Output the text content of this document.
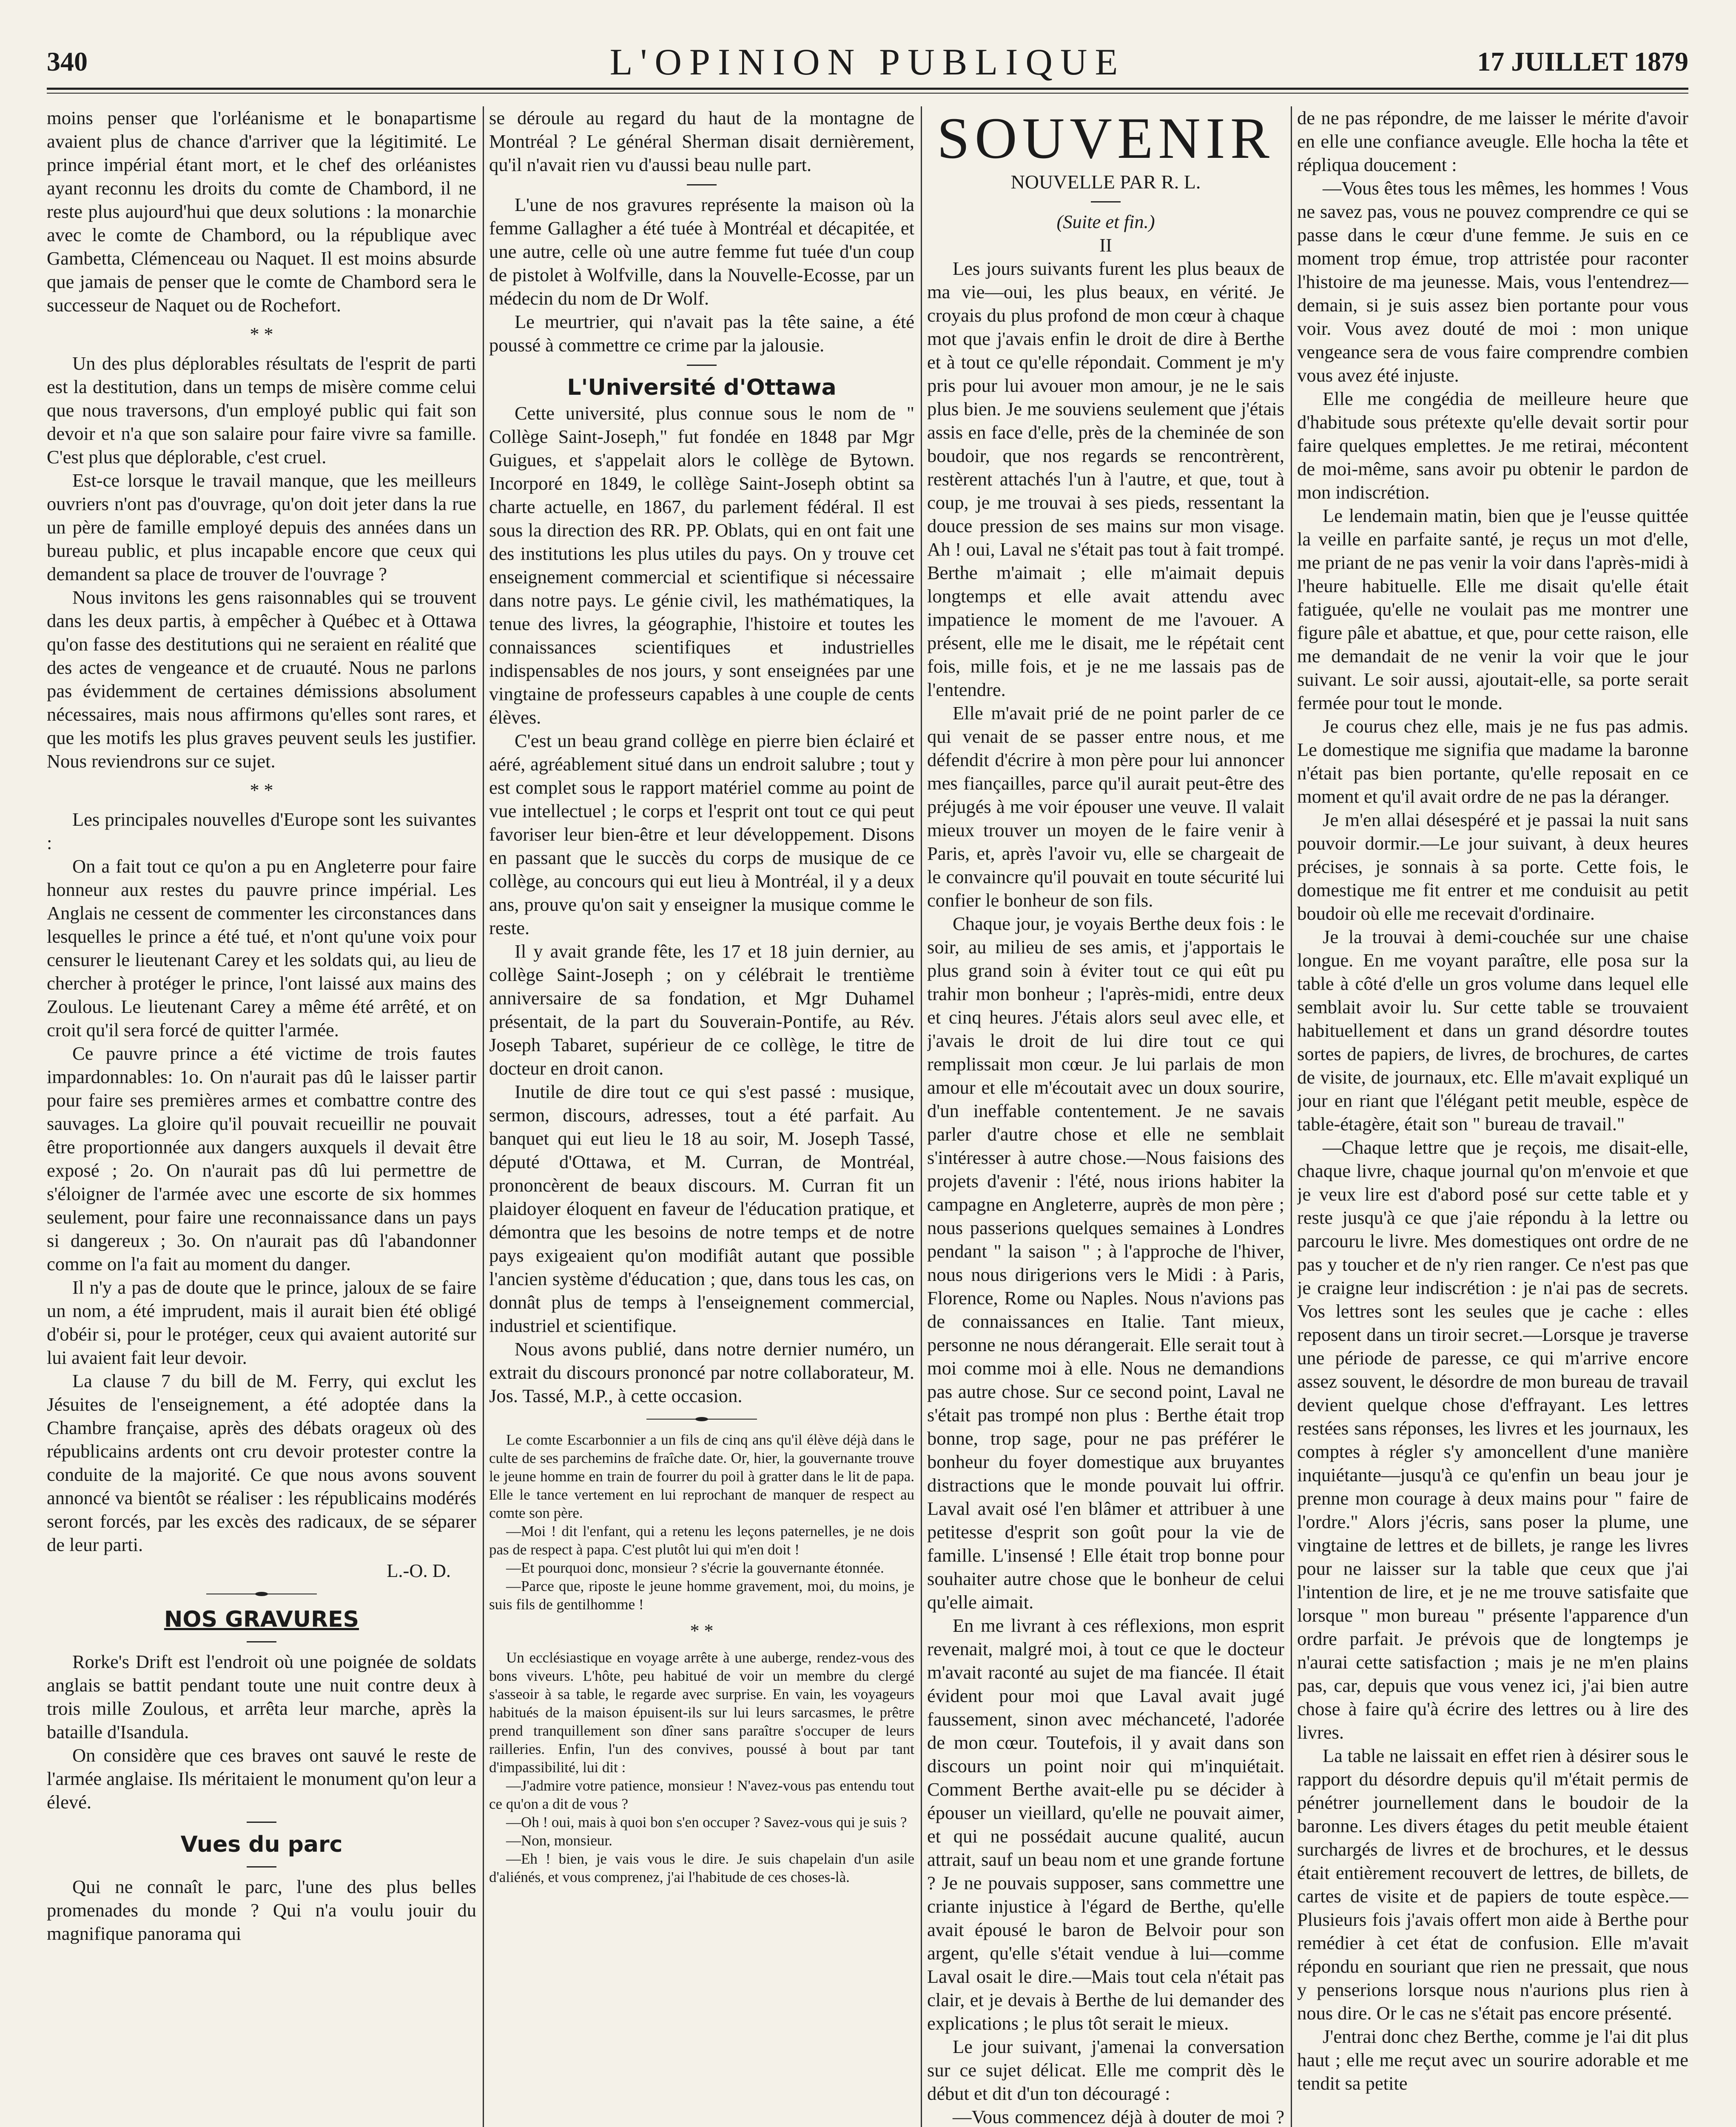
340	L'OPINION PUBLIQUE	17 JUILLET 1879

moins penser que l'orléanisme et le bonapartisme avaient plus de chance d'arriver que la légitimité. Le prince impérial étant mort, et le chef des orléanistes ayant reconnu les droits du comte de Chambord, il ne reste plus aujourd'hui que deux solutions : la monarchie avec le comte de Chambord, ou la république avec Gambetta, Clémenceau ou Naquet. Il est moins absurde que jamais de penser que le comte de Chambord sera le successeur de Naquet ou de Rochefort.

* *

Un des plus déplorables résultats de l'esprit de parti est la destitution, dans un temps de misère comme celui que nous traversons, d'un employé public qui fait son devoir et n'a que son salaire pour faire vivre sa famille. C'est plus que déplorable, c'est cruel.

Est-ce lorsque le travail manque, que les meilleurs ouvriers n'ont pas d'ouvrage, qu'on doit jeter dans la rue un père de famille employé depuis des années dans un bureau public, et plus incapable encore que ceux qui demandent sa place de trouver de l'ouvrage ?

Nous invitons les gens raisonnables qui se trouvent dans les deux partis, à empêcher à Québec et à Ottawa qu'on fasse des destitutions qui ne seraient en réalité que des actes de vengeance et de cruauté. Nous ne parlons pas évidemment de certaines démissions absolument nécessaires, mais nous affirmons qu'elles sont rares, et que les motifs les plus graves peuvent seuls les justifier. Nous reviendrons sur ce sujet.

* *

Les principales nouvelles d'Europe sont les suivantes :

On a fait tout ce qu'on a pu en Angleterre pour faire honneur aux restes du pauvre prince impérial. Les Anglais ne cessent de commenter les circonstances dans lesquelles le prince a été tué, et n'ont qu'une voix pour censurer le lieutenant Carey et les soldats qui, au lieu de chercher à protéger le prince, l'ont laissé aux mains des Zoulous. Le lieutenant Carey a même été arrêté, et on croit qu'il sera forcé de quitter l'armée.

Ce pauvre prince a été victime de trois fautes impardonnables: 1o. On n'aurait pas dû le laisser partir pour faire ses premières armes et combattre contre des sauvages. La gloire qu'il pouvait recueillir ne pouvait être proportionnée aux dangers auxquels il devait être exposé ; 2o. On n'aurait pas dû lui permettre de s'éloigner de l'armée avec une escorte de six hommes seulement, pour faire une reconnaissance dans un pays si dangereux ; 3o. On n'aurait pas dû l'abandonner comme on l'a fait au moment du danger.

Il n'y a pas de doute que le prince, jaloux de se faire un nom, a été imprudent, mais il aurait bien été obligé d'obéir si, pour le protéger, ceux qui avaient autorité sur lui avaient fait leur devoir.

La clause 7 du bill de M. Ferry, qui exclut les Jésuites de l'enseignement, a été adoptée dans la Chambre française, après des débats orageux où des républicains ardents ont cru devoir protester contre la conduite de la majorité. Ce que nous avons souvent annoncé va bientôt se réaliser : les républicains modérés seront forcés, par les excès des radicaux, de se séparer de leur parti.

L.-O. D.

NOS GRAVURES

Rorke's Drift est l'endroit où une poignée de soldats anglais se battit pendant toute une nuit contre deux à trois mille Zoulous, et arrêta leur marche, après la bataille d'Isandula.

On considère que ces braves ont sauvé le reste de l'armée anglaise. Ils méritaient le monument qu'on leur a élevé.

Vues du parc

Qui ne connaît le parc, l'une des plus belles promenades du monde ? Qui n'a voulu jouir du magnifique panorama qui

se déroule au regard du haut de la montagne de Montréal ? Le général Sherman disait dernièrement, qu'il n'avait rien vu d'aussi beau nulle part.

L'une de nos gravures représente la maison où la femme Gallagher a été tuée à Montréal et décapitée, et une autre, celle où une autre femme fut tuée d'un coup de pistolet à Wolfville, dans la Nouvelle-Ecosse, par un médecin du nom de Dr Wolf.

Le meurtrier, qui n'avait pas la tête saine, a été poussé à commettre ce crime par la jalousie.

L'Université d'Ottawa

Cette université, plus connue sous le nom de " Collège Saint-Joseph," fut fondée en 1848 par Mgr Guigues, et s'appelait alors le collège de Bytown. Incorporé en 1849, le collège Saint-Joseph obtint sa charte actuelle, en 1867, du parlement fédéral. Il est sous la direction des RR. PP. Oblats, qui en ont fait une des institutions les plus utiles du pays. On y trouve cet enseignement commercial et scientifique si nécessaire dans notre pays. Le génie civil, les mathématiques, la tenue des livres, la géographie, l'histoire et toutes les connaissances scientifiques et industrielles indispensables de nos jours, y sont enseignées par une vingtaine de professeurs capables à une couple de cents élèves.

C'est un beau grand collège en pierre bien éclairé et aéré, agréablement situé dans un endroit salubre ; tout y est complet sous le rapport matériel comme au point de vue intellectuel ; le corps et l'esprit ont tout ce qui peut favoriser leur bien-être et leur développement. Disons en passant que le succès du corps de musique de ce collège, au concours qui eut lieu à Montréal, il y a deux ans, prouve qu'on sait y enseigner la musique comme le reste.

Il y avait grande fête, les 17 et 18 juin dernier, au collège Saint-Joseph ; on y célébrait le trentième anniversaire de sa fondation, et Mgr Duhamel présentait, de la part du Souverain-Pontife, au Rév. Joseph Tabaret, supérieur de ce collège, le titre de docteur en droit canon.

Inutile de dire tout ce qui s'est passé : musique, sermon, discours, adresses, tout a été parfait. Au banquet qui eut lieu le 18 au soir, M. Joseph Tassé, député d'Ottawa, et M. Curran, de Montréal, prononcèrent de beaux discours. M. Curran fit un plaidoyer éloquent en faveur de l'éducation pratique, et démontra que les besoins de notre temps et de notre pays exigeaient qu'on modifiât autant que possible l'ancien système d'éducation ; que, dans tous les cas, on donnât plus de temps à l'enseignement commercial, industriel et scientifique.

Nous avons publié, dans notre dernier numéro, un extrait du discours prononcé par notre collaborateur, M. Jos. Tassé, M.P., à cette occasion.

Le comte Escarbonnier a un fils de cinq ans qu'il élève déjà dans le culte de ses parchemins de fraîche date. Or, hier, la gouvernante trouve le jeune homme en train de fourrer du poil à gratter dans le lit de papa. Elle le tance vertement en lui reprochant de manquer de respect au comte son père.

—Moi ! dit l'enfant, qui a retenu les leçons paternelles, je ne dois pas de respect à papa. C'est plutôt lui qui m'en doit !

—Et pourquoi donc, monsieur ? s'écrie la gouvernante étonnée.

—Parce que, riposte le jeune homme gravement, moi, du moins, je suis fils de gentilhomme !

* *

Un ecclésiastique en voyage arrête à une auberge, rendez-vous des bons viveurs. L'hôte, peu habitué de voir un membre du clergé s'asseoir à sa table, le regarde avec surprise. En vain, les voyageurs habitués de la maison épuisent-ils sur lui leurs sarcasmes, le prêtre prend tranquillement son dîner sans paraître s'occuper de leurs railleries. Enfin, l'un des convives, poussé à bout par tant d'impassibilité, lui dit :

—J'admire votre patience, monsieur ! N'avez-vous pas entendu tout ce qu'on a dit de vous ?

—Oh ! oui, mais à quoi bon s'en occuper ? Savez-vous qui je suis ?

—Non, monsieur.

—Eh ! bien, je vais vous le dire. Je suis chapelain d'un asile d'aliénés, et vous comprenez, j'ai l'habitude de ces choses-là.

SOUVENIR

NOUVELLE PAR R. L.

(Suite et fin.)

II

Les jours suivants furent les plus beaux de ma vie—oui, les plus beaux, en vérité. Je croyais du plus profond de mon cœur à chaque mot que j'avais enfin le droit de dire à Berthe et à tout ce qu'elle répondait. Comment je m'y pris pour lui avouer mon amour, je ne le sais plus bien. Je me souviens seulement que j'étais assis en face d'elle, près de la cheminée de son boudoir, que nos regards se rencontrèrent, restèrent attachés l'un à l'autre, et que, tout à coup, je me trouvai à ses pieds, ressentant la douce pression de ses mains sur mon visage. Ah ! oui, Laval ne s'était pas tout à fait trompé. Berthe m'aimait ; elle m'aimait depuis longtemps et elle avait attendu avec impatience le moment de me l'avouer. A présent, elle me le disait, me le répétait cent fois, mille fois, et je ne me lassais pas de l'entendre.

Elle m'avait prié de ne point parler de ce qui venait de se passer entre nous, et me défendit d'écrire à mon père pour lui annoncer mes fiançailles, parce qu'il aurait peut-être des préjugés à me voir épouser une veuve. Il valait mieux trouver un moyen de le faire venir à Paris, et, après l'avoir vu, elle se chargeait de le convaincre qu'il pouvait en toute sécurité lui confier le bonheur de son fils.

Chaque jour, je voyais Berthe deux fois : le soir, au milieu de ses amis, et j'apportais le plus grand soin à éviter tout ce qui eût pu trahir mon bonheur ; l'après-midi, entre deux et cinq heures. J'étais alors seul avec elle, et j'avais le droit de lui dire tout ce qui remplissait mon cœur. Je lui parlais de mon amour et elle m'écoutait avec un doux sourire, d'un ineffable contentement. Je ne savais parler d'autre chose et elle ne semblait s'intéresser à autre chose.—Nous faisions des projets d'avenir : l'été, nous irions habiter la campagne en Angleterre, auprès de mon père ; nous passerions quelques semaines à Londres pendant " la saison " ; à l'approche de l'hiver, nous nous dirigerions vers le Midi : à Paris, Florence, Rome ou Naples. Nous n'avions pas de connaissances en Italie. Tant mieux, personne ne nous dérangerait. Elle serait tout à moi comme moi à elle. Nous ne demandions pas autre chose. Sur ce second point, Laval ne s'était pas trompé non plus : Berthe était trop bonne, trop sage, pour ne pas préférer le bonheur du foyer domestique aux bruyantes distractions que le monde pouvait lui offrir. Laval avait osé l'en blâmer et attribuer à une petitesse d'esprit son goût pour la vie de famille. L'insensé ! Elle était trop bonne pour souhaiter autre chose que le bonheur de celui qu'elle aimait.

En me livrant à ces réflexions, mon esprit revenait, malgré moi, à tout ce que le docteur m'avait raconté au sujet de ma fiancée. Il était évident pour moi que Laval avait jugé faussement, sinon avec méchanceté, l'adorée de mon cœur. Toutefois, il y avait dans son discours un point noir qui m'inquiétait. Comment Berthe avait-elle pu se décider à épouser un vieillard, qu'elle ne pouvait aimer, et qui ne possédait aucune qualité, aucun attrait, sauf un beau nom et une grande fortune ? Je ne pouvais supposer, sans commettre une criante injustice à l'égard de Berthe, qu'elle avait épousé le baron de Belvoir pour son argent, qu'elle s'était vendue à lui—comme Laval osait le dire.—Mais tout cela n'était pas clair, et je devais à Berthe de lui demander des explications ; le plus tôt serait le mieux.

Le jour suivant, j'amenai la conversation sur ce sujet délicat. Elle me comprit dès le début et dit d'un ton découragé :

—Vous commencez déjà à douter de moi ?

de ne pas répondre, de me laisser le mérite d'avoir en elle une confiance aveugle. Elle hocha la tête et répliqua doucement :

—Vous êtes tous les mêmes, les hommes ! Vous ne savez pas, vous ne pouvez comprendre ce qui se passe dans le cœur d'une femme. Je suis en ce moment trop émue, trop attristée pour raconter l'histoire de ma jeunesse. Mais, vous l'entendrez—demain, si je suis assez bien portante pour vous voir. Vous avez douté de moi : mon unique vengeance sera de vous faire comprendre combien vous avez été injuste.

Elle me congédia de meilleure heure que d'habitude sous prétexte qu'elle devait sortir pour faire quelques emplettes. Je me retirai, mécontent de moi-même, sans avoir pu obtenir le pardon de mon indiscrétion.

Le lendemain matin, bien que je l'eusse quittée la veille en parfaite santé, je reçus un mot d'elle, me priant de ne pas venir la voir dans l'après-midi à l'heure habituelle. Elle me disait qu'elle était fatiguée, qu'elle ne voulait pas me montrer une figure pâle et abattue, et que, pour cette raison, elle me demandait de ne venir la voir que le jour suivant. Le soir aussi, ajoutait-elle, sa porte serait fermée pour tout le monde.

Je courus chez elle, mais je ne fus pas admis. Le domestique me signifia que madame la baronne n'était pas bien portante, qu'elle reposait en ce moment et qu'il avait ordre de ne pas la déranger.

Je m'en allai désespéré et je passai la nuit sans pouvoir dormir.—Le jour suivant, à deux heures précises, je sonnais à sa porte. Cette fois, le domestique me fit entrer et me conduisit au petit boudoir où elle me recevait d'ordinaire.

Je la trouvai à demi-couchée sur une chaise longue. En me voyant paraître, elle posa sur la table à côté d'elle un gros volume dans lequel elle semblait avoir lu. Sur cette table se trouvaient habituellement et dans un grand désordre toutes sortes de papiers, de livres, de brochures, de cartes de visite, de journaux, etc. Elle m'avait expliqué un jour en riant que l'élégant petit meuble, espèce de table-étagère, était son " bureau de travail."

—Chaque lettre que je reçois, me disait-elle, chaque livre, chaque journal qu'on m'envoie et que je veux lire est d'abord posé sur cette table et y reste jusqu'à ce que j'aie répondu à la lettre ou parcouru le livre. Mes domestiques ont ordre de ne pas y toucher et de n'y rien ranger. Ce n'est pas que je craigne leur indiscrétion : je n'ai pas de secrets. Vos lettres sont les seules que je cache : elles reposent dans un tiroir secret.—Lorsque je traverse une période de paresse, ce qui m'arrive encore assez souvent, le désordre de mon bureau de travail devient quelque chose d'effrayant. Les lettres restées sans réponses, les livres et les journaux, les comptes à régler s'y amoncellent d'une manière inquiétante—jusqu'à ce qu'enfin un beau jour je prenne mon courage à deux mains pour " faire de l'ordre." Alors j'écris, sans poser la plume, une vingtaine de lettres et de billets, je range les livres pour ne laisser sur la table que ceux que j'ai l'intention de lire, et je ne me trouve satisfaite que lorsque " mon bureau " présente l'apparence d'un ordre parfait. Je prévois que de longtemps je n'aurai cette satisfaction ; mais je ne m'en plains pas, car, depuis que vous venez ici, j'ai bien autre chose à faire qu'à écrire des lettres ou à lire des livres.

La table ne laissait en effet rien à désirer sous le rapport du désordre depuis qu'il m'était permis de pénétrer journellement dans le boudoir de la baronne. Les divers étages du petit meuble étaient surchargés de livres et de brochures, et le dessus était entièrement recouvert de lettres, de billets, de cartes de visite et de papiers de toute espèce.—Plusieurs fois j'avais offert mon aide à Berthe pour remédier à cet état de confusion. Elle m'avait répondu en souriant que rien ne pressait, que nous y penserions lorsque nous n'aurions plus rien à nous dire. Or le cas ne s'était pas encore présenté.

J'entrai donc chez Berthe, comme je l'ai dit plus haut ; elle me reçut avec un sourire adorable et me tendit sa petite
